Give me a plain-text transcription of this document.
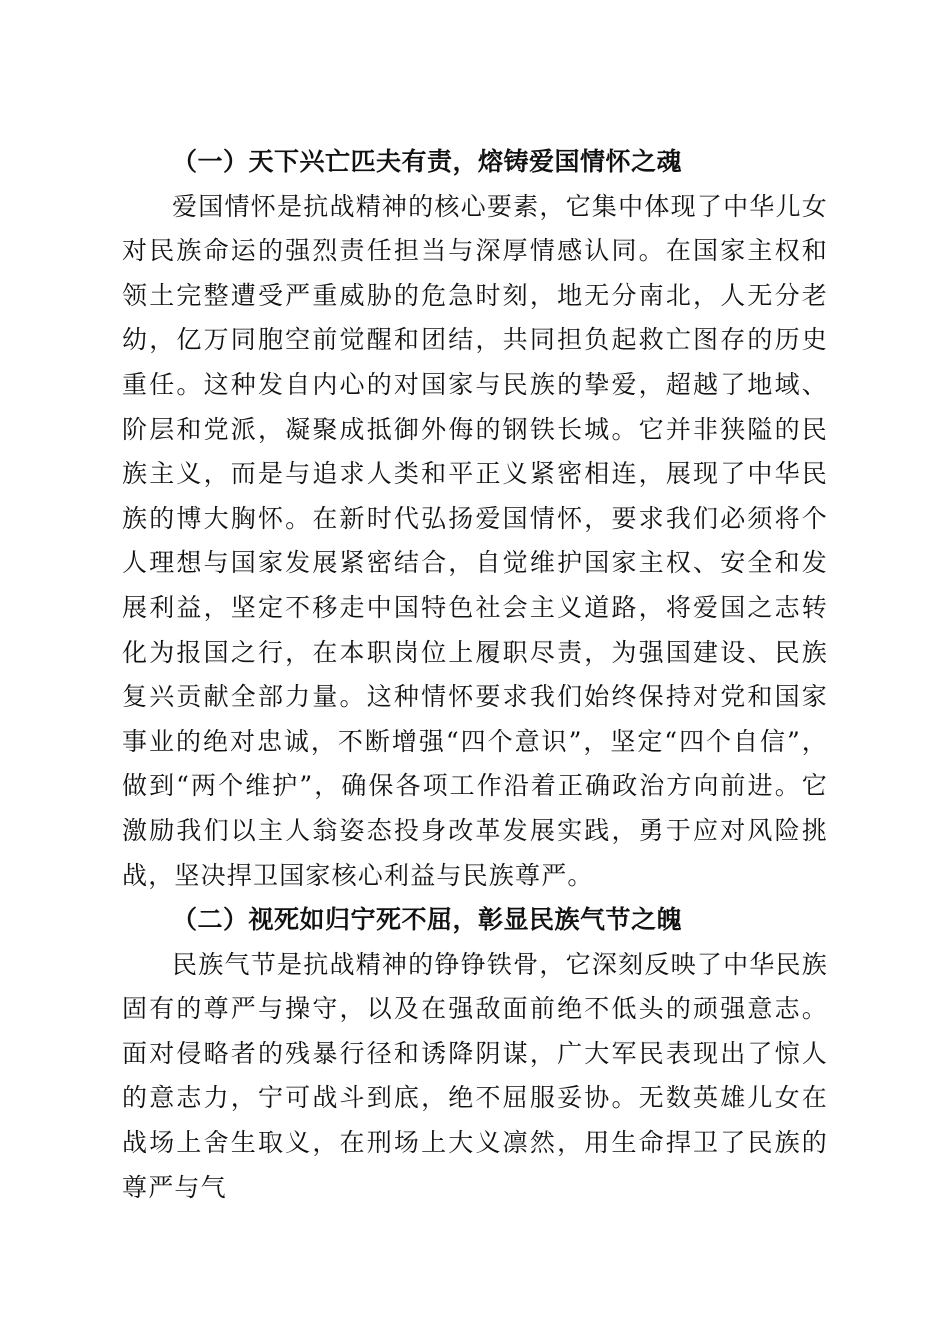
（一）天下兴亡匹夫有责，熔铸爱国情怀之魂

爱国情怀是抗战精神的核心要素，它集中体现了中华儿女对民族命运的强烈责任担当与深厚情感认同。在国家主权和领土完整遭受严重威胁的危急时刻，地无分南北，人无分老幼，亿万同胞空前觉醒和团结，共同担负起救亡图存的历史重任。这种发自内心的对国家与民族的挚爱，超越了地域、阶层和党派，凝聚成抵御外侮的钢铁长城。它并非狭隘的民族主义，而是与追求人类和平正义紧密相连，展现了中华民族的博大胸怀。在新时代弘扬爱国情怀，要求我们必须将个人理想与国家发展紧密结合，自觉维护国家主权、安全和发展利益，坚定不移走中国特色社会主义道路，将爱国之志转化为报国之行，在本职岗位上履职尽责，为强国建设、民族复兴贡献全部力量。这种情怀要求我们始终保持对党和国家事业的绝对忠诚，不断增强“四个意识”，坚定“四个自信”，做到“两个维护”，确保各项工作沿着正确政治方向前进。它激励我们以主人翁姿态投身改革发展实践，勇于应对风险挑战，坚决捍卫国家核心利益与民族尊严。

（二）视死如归宁死不屈，彰显民族气节之魄

民族气节是抗战精神的铮铮铁骨，它深刻反映了中华民族固有的尊严与操守，以及在强敌面前绝不低头的顽强意志。面对侵略者的残暴行径和诱降阴谋，广大军民表现出了惊人的意志力，宁可战斗到底，绝不屈服妥协。无数英雄儿女在战场上舍生取义，在刑场上大义凛然，用生命捍卫了民族的尊严与气
